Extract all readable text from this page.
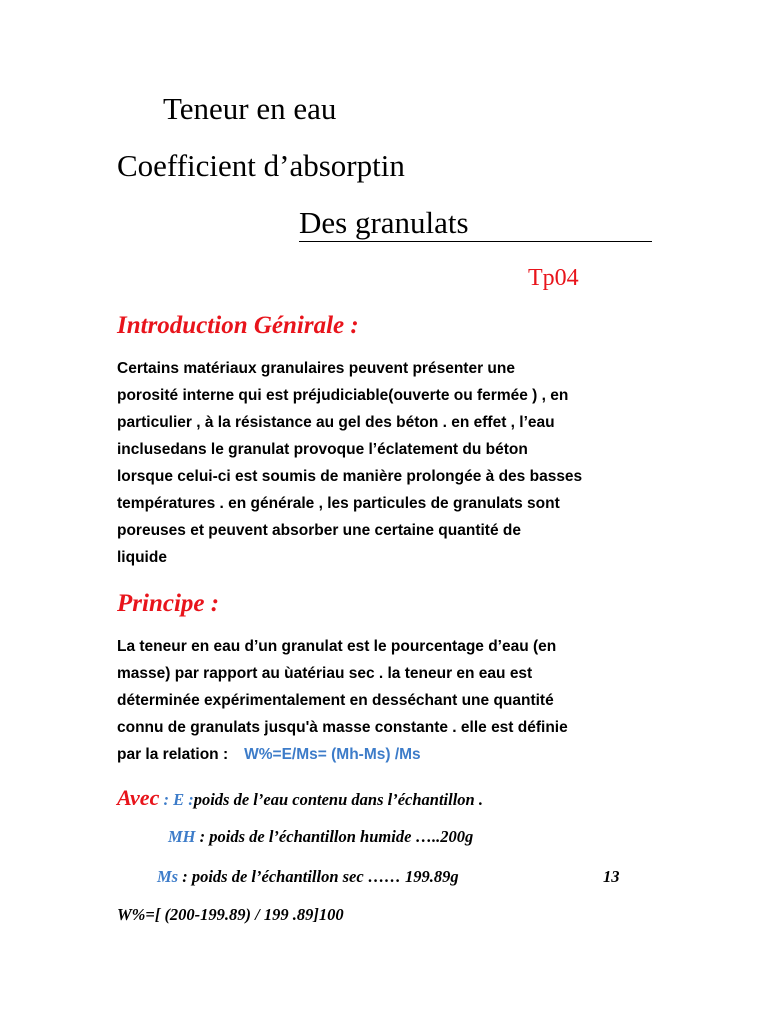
Teneur en eau
Coefficient d’absorptin
Des granulats
Tp04
Introduction Génirale :
Certains matériaux granulaires peuvent présenter une
porosité interne qui est préjudiciable(ouverte ou fermée ) , en
particulier , à la résistance au gel des béton . en effet , l’eau
inclusedans le granulat provoque l’éclatement du béton
lorsque celui-ci est soumis de manière prolongée à des basses
températures . en générale , les particules de granulats sont
poreuses et peuvent absorber une certaine quantité de
liquide
Principe :
La teneur en eau d’un granulat est le pourcentage d’eau (en
masse) par rapport au ùatériau sec . la teneur en eau est
déterminée expérimentalement en desséchant une quantité
connu de granulats jusqu'à masse constante . elle est définie
par la relation : W%=E/Ms= (Mh-Ms) /Ms
Avec : E :poids de l’eau contenu dans l’échantillon .
MH : poids de l’échantillon humide …..200g
Ms : poids de l’échantillon sec …… 199.89g	13
W%=[ (200-199.89) / 199 .89]100
